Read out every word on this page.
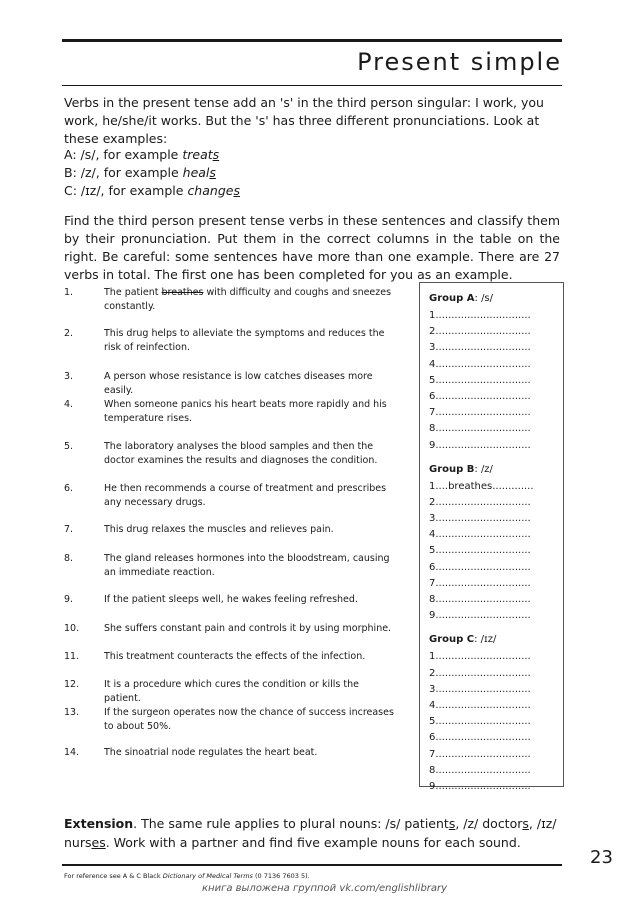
Present simple

Verbs in the present tense add an 's' in the third person singular: I work, you work, he/she/it works. But the 's' has three different pronunciations. Look at these examples:

A: /s/, for example treats
B: /z/, for example heals
C: /ɪz/, for example changes

Find the third person present tense verbs in these sentences and classify them by their pronunciation. Put them in the correct columns in the table on the right. Be careful: some sentences have more than one example. There are 27 verbs in total. The first one has been completed for you as an example.

1.	The patient breathes with difficulty and coughs and sneezes constantly.
2.	This drug helps to alleviate the symptoms and reduces the risk of reinfection.
3.	A person whose resistance is low catches diseases more easily.
4.	When someone panics his heart beats more rapidly and his temperature rises.
5.	The laboratory analyses the blood samples and then the doctor examines the results and diagnoses the condition.
6.	He then recommends a course of treatment and prescribes any necessary drugs.
7.	This drug relaxes the muscles and relieves pain.
8.	The gland releases hormones into the bloodstream, causing an immediate reaction.
9.	If the patient sleeps well, he wakes feeling refreshed.
10.	She suffers constant pain and controls it by using morphine.
11.	This treatment counteracts the effects of the infection.
12.	It is a procedure which cures the condition or kills the patient.
13.	If the surgeon operates now the chance of success increases to about 50%.
14.	The sinoatrial node regulates the heart beat.
Group A: /s/
1..............................
2..............................
3..............................
4..............................
5..............................
6..............................
7..............................
8..............................
9..............................
Group B: /z/
1....breathes.............
2..............................
3..............................
4..............................
5..............................
6..............................
7..............................
8..............................
9..............................
Group C: /ɪz/
1..............................
2..............................
3..............................
4..............................
5..............................
6..............................
7..............................
8..............................
9..............................

Extension. The same rule applies to plural nouns: /s/ patients, /z/ doctors, /ɪz/ nurses. Work with a partner and find five example nouns for each sound.

23
For reference see A & C Black Dictionary of Medical Terms (0 7136 7603 5).
книга выложена группой vk.com/englishlibrary
